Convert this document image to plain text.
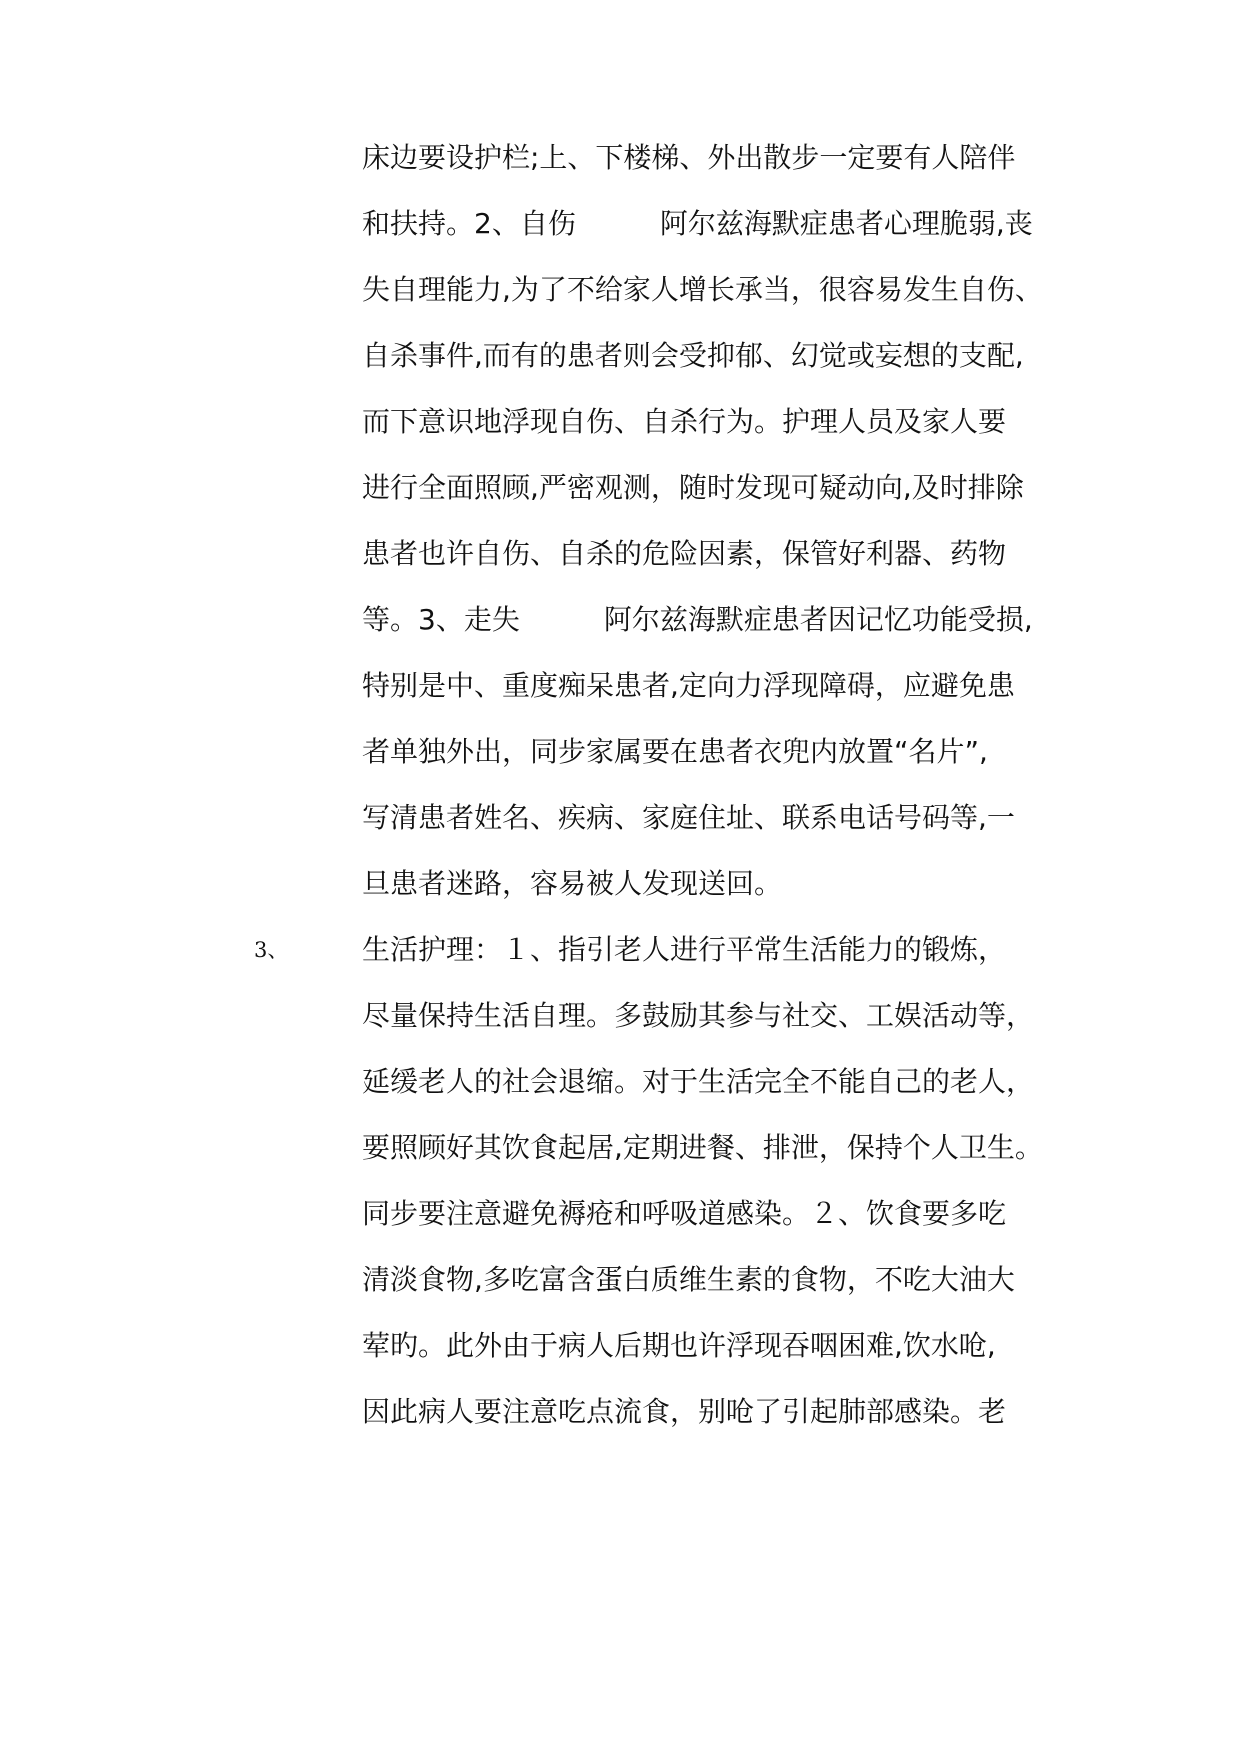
床边要设护栏;上、下楼梯、外出散步一定要有人陪伴
和扶持。2、自伤　　　阿尔兹海默症患者心理脆弱,丧
失自理能力,为了不给家人增长承当，很容易发生自伤、
自杀事件,而有的患者则会受抑郁、幻觉或妄想的支配,
而下意识地浮现自伤、自杀行为。护理人员及家人要
进行全面照顾,严密观测，随时发现可疑动向,及时排除
患者也许自伤、自杀的危险因素，保管好利器、药物
等。3、走失　　　阿尔兹海默症患者因记忆功能受损,
特别是中、重度痴呆患者,定向力浮现障碍，应避免患
者单独外出，同步家属要在患者衣兜内放置“名片”,
写清患者姓名、疾病、家庭住址、联系电话号码等,一
旦患者迷路，容易被人发现送回。
3、	生活护理：１、指引老人进行平常生活能力的锻炼，
尽量保持生活自理。多鼓励其参与社交、工娱活动等，
延缓老人的社会退缩。对于生活完全不能自己的老人，
要照顾好其饮食起居,定期进餐、排泄，保持个人卫生。
同步要注意避免褥疮和呼吸道感染。２、饮食要多吃
清淡食物,多吃富含蛋白质维生素的食物，不吃大油大
荤旳。此外由于病人后期也许浮现吞咽困难,饮水呛,
因此病人要注意吃点流食，别呛了引起肺部感染。老
